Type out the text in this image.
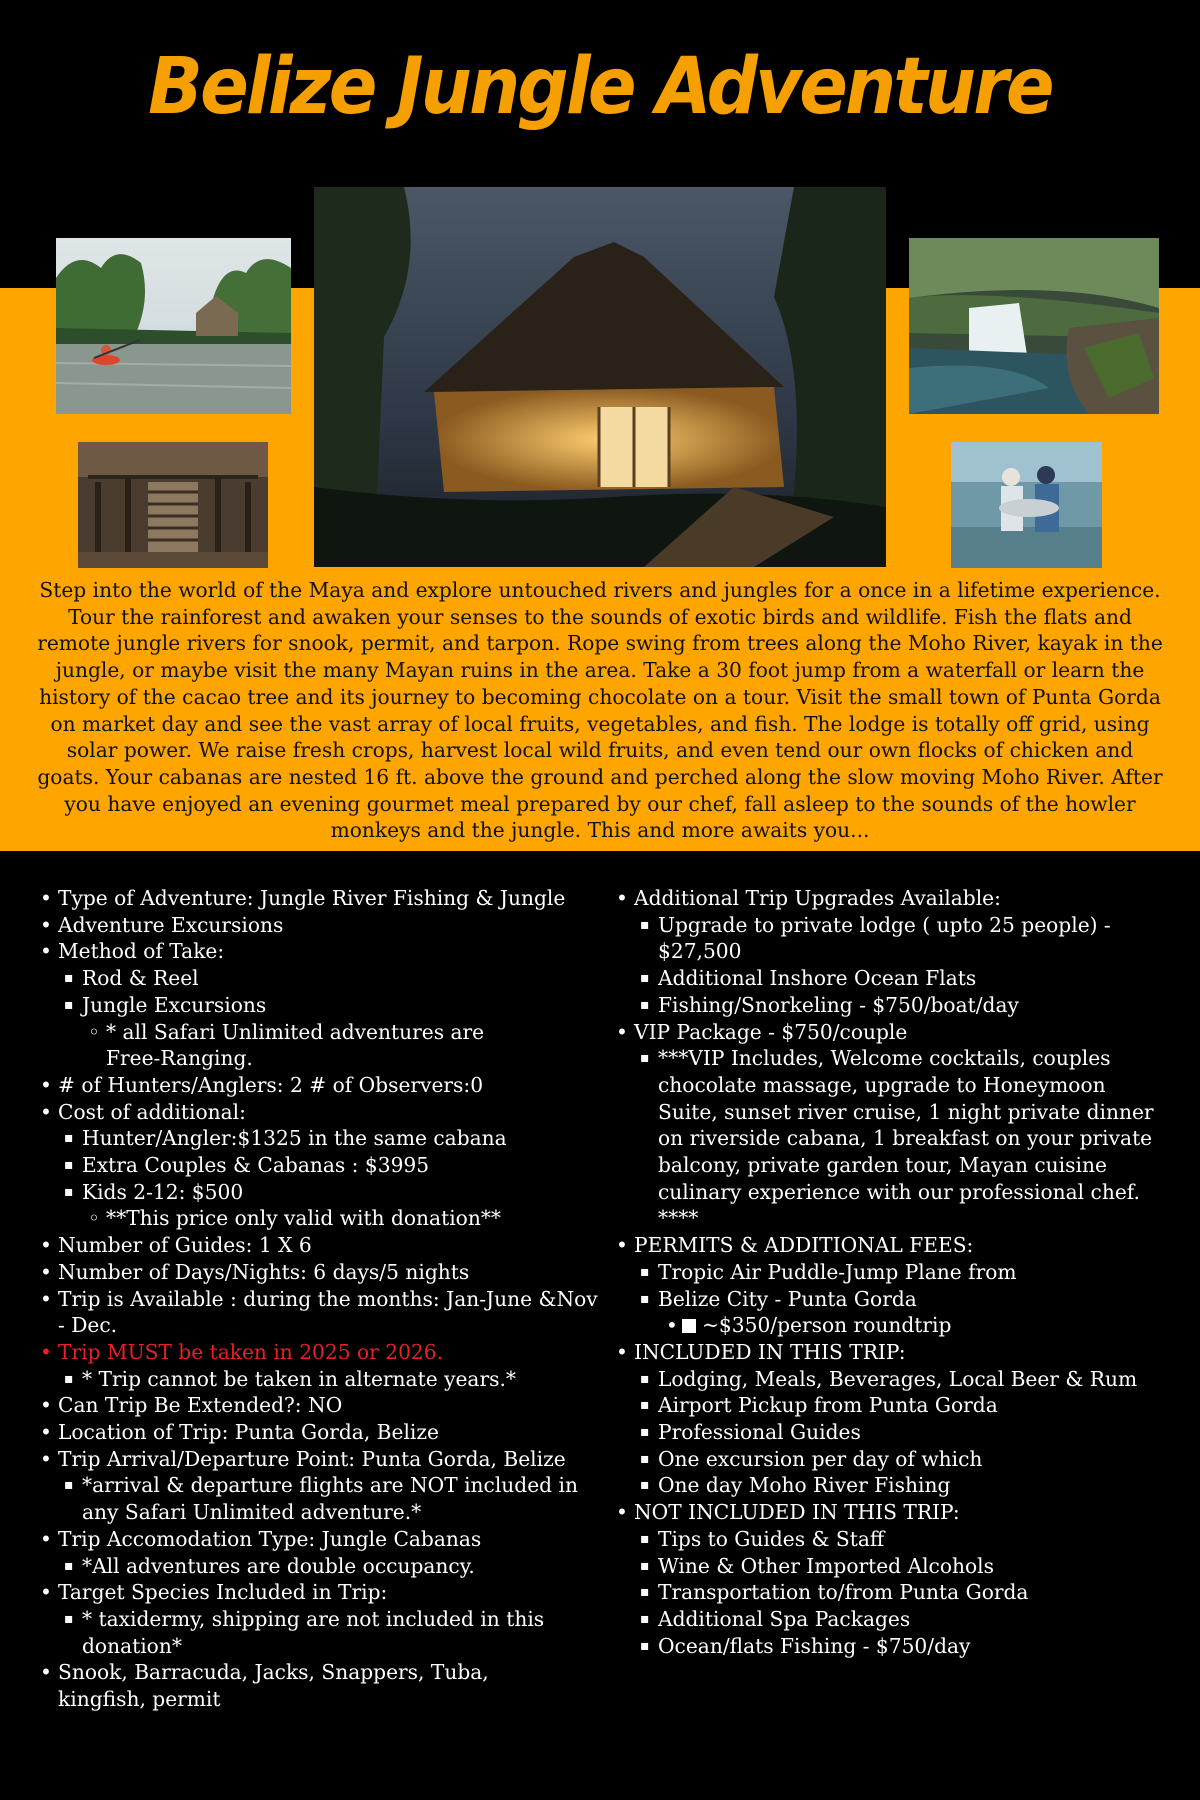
Belize Jungle Adventure

Step into the world of the Maya and explore untouched rivers and jungles for a once in a lifetime experience. Tour the rainforest and awaken your senses to the sounds of exotic birds and wildlife. Fish the flats and remote jungle rivers for snook, permit, and tarpon. Rope swing from trees along the Moho River, kayak in the jungle, or maybe visit the many Mayan ruins in the area. Take a 30 foot jump from a waterfall or learn the history of the cacao tree and its journey to becoming chocolate on a tour. Visit the small town of Punta Gorda on market day and see the vast array of local fruits, vegetables, and fish. The lodge is totally off grid, using solar power. We raise fresh crops, harvest local wild fruits, and even tend our own flocks of chicken and goats. Your cabanas are nested 16 ft. above the ground and perched along the slow moving Moho River. After you have enjoyed an evening gourmet meal prepared by our chef, fall asleep to the sounds of the howler monkeys and the jungle. This and more awaits you...

• Type of Adventure: Jungle River Fishing & Jungle
• Adventure Excursions
• Method of Take:
▪ Rod & Reel
▪ Jungle Excursions
◦ * all Safari Unlimited adventures are Free-Ranging.
• # of Hunters/Anglers: 2 # of Observers:0
• Cost of additional:
▪ Hunter/Angler:$1325 in the same cabana
▪ Extra Couples & Cabanas : $3995
▪ Kids 2-12: $500
◦ **This price only valid with donation**
• Number of Guides: 1 X 6
• Number of Days/Nights: 6 days/5 nights
• Trip is Available : during the months: Jan-June &Nov - Dec.
• Trip MUST be taken in 2025 or 2026.
▪ * Trip cannot be taken in alternate years.*
• Can Trip Be Extended?: NO
• Location of Trip: Punta Gorda, Belize
• Trip Arrival/Departure Point: Punta Gorda, Belize
▪ *arrival & departure flights are NOT included in any Safari Unlimited adventure.*
• Trip Accomodation Type: Jungle Cabanas
▪ *All adventures are double occupancy.
• Target Species Included in Trip:
▪ * taxidermy, shipping are not included in this donation*
• Snook, Barracuda, Jacks, Snappers, Tuba, kingfish, permit
• Additional Trip Upgrades Available:
▪ Upgrade to private lodge ( upto 25 people) - $27,500
▪ Additional Inshore Ocean Flats
▪ Fishing/Snorkeling - $750/boat/day
• VIP Package - $750/couple
▪ ***VIP Includes, Welcome cocktails, couples chocolate massage, upgrade to Honeymoon Suite, sunset river cruise, 1 night private dinner on riverside cabana, 1 breakfast on your private balcony, private garden tour, Mayan cuisine culinary experience with our professional chef. ****
• PERMITS & ADDITIONAL FEES:
▪ Tropic Air Puddle-Jump Plane from
▪ Belize City - Punta Gorda
• ~$350/person roundtrip
• INCLUDED IN THIS TRIP:
▪ Lodging, Meals, Beverages, Local Beer & Rum
▪ Airport Pickup from Punta Gorda
▪ Professional Guides
▪ One excursion per day of which
▪ One day Moho River Fishing
• NOT INCLUDED IN THIS TRIP:
▪ Tips to Guides & Staff
▪ Wine & Other Imported Alcohols
▪ Transportation to/from Punta Gorda
▪ Additional Spa Packages
▪ Ocean/flats Fishing - $750/day
